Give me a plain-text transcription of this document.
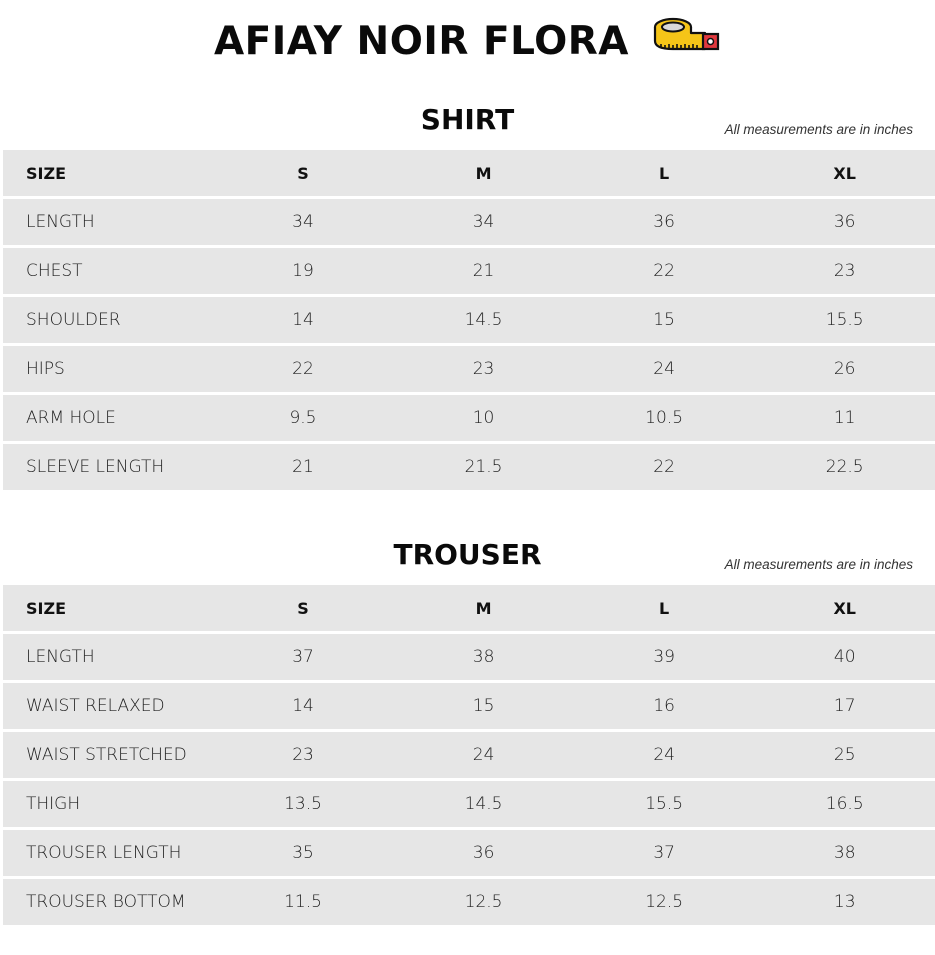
AFIAY NOIR FLORA
SHIRT	All measurements are in inches
SIZE	S	M	L	XL
LENGTH	34	34	36	36
CHEST	19	21	22	23
SHOULDER	14	14.5	15	15.5
HIPS	22	23	24	26
ARM HOLE	9.5	10	10.5	11
SLEEVE LENGTH	21	21.5	22	22.5
TROUSER	All measurements are in inches
SIZE	S	M	L	XL
LENGTH	37	38	39	40
WAIST RELAXED	14	15	16	17
WAIST STRETCHED	23	24	24	25
THIGH	13.5	14.5	15.5	16.5
TROUSER LENGTH	35	36	37	38
TROUSER BOTTOM	11.5	12.5	12.5	13
